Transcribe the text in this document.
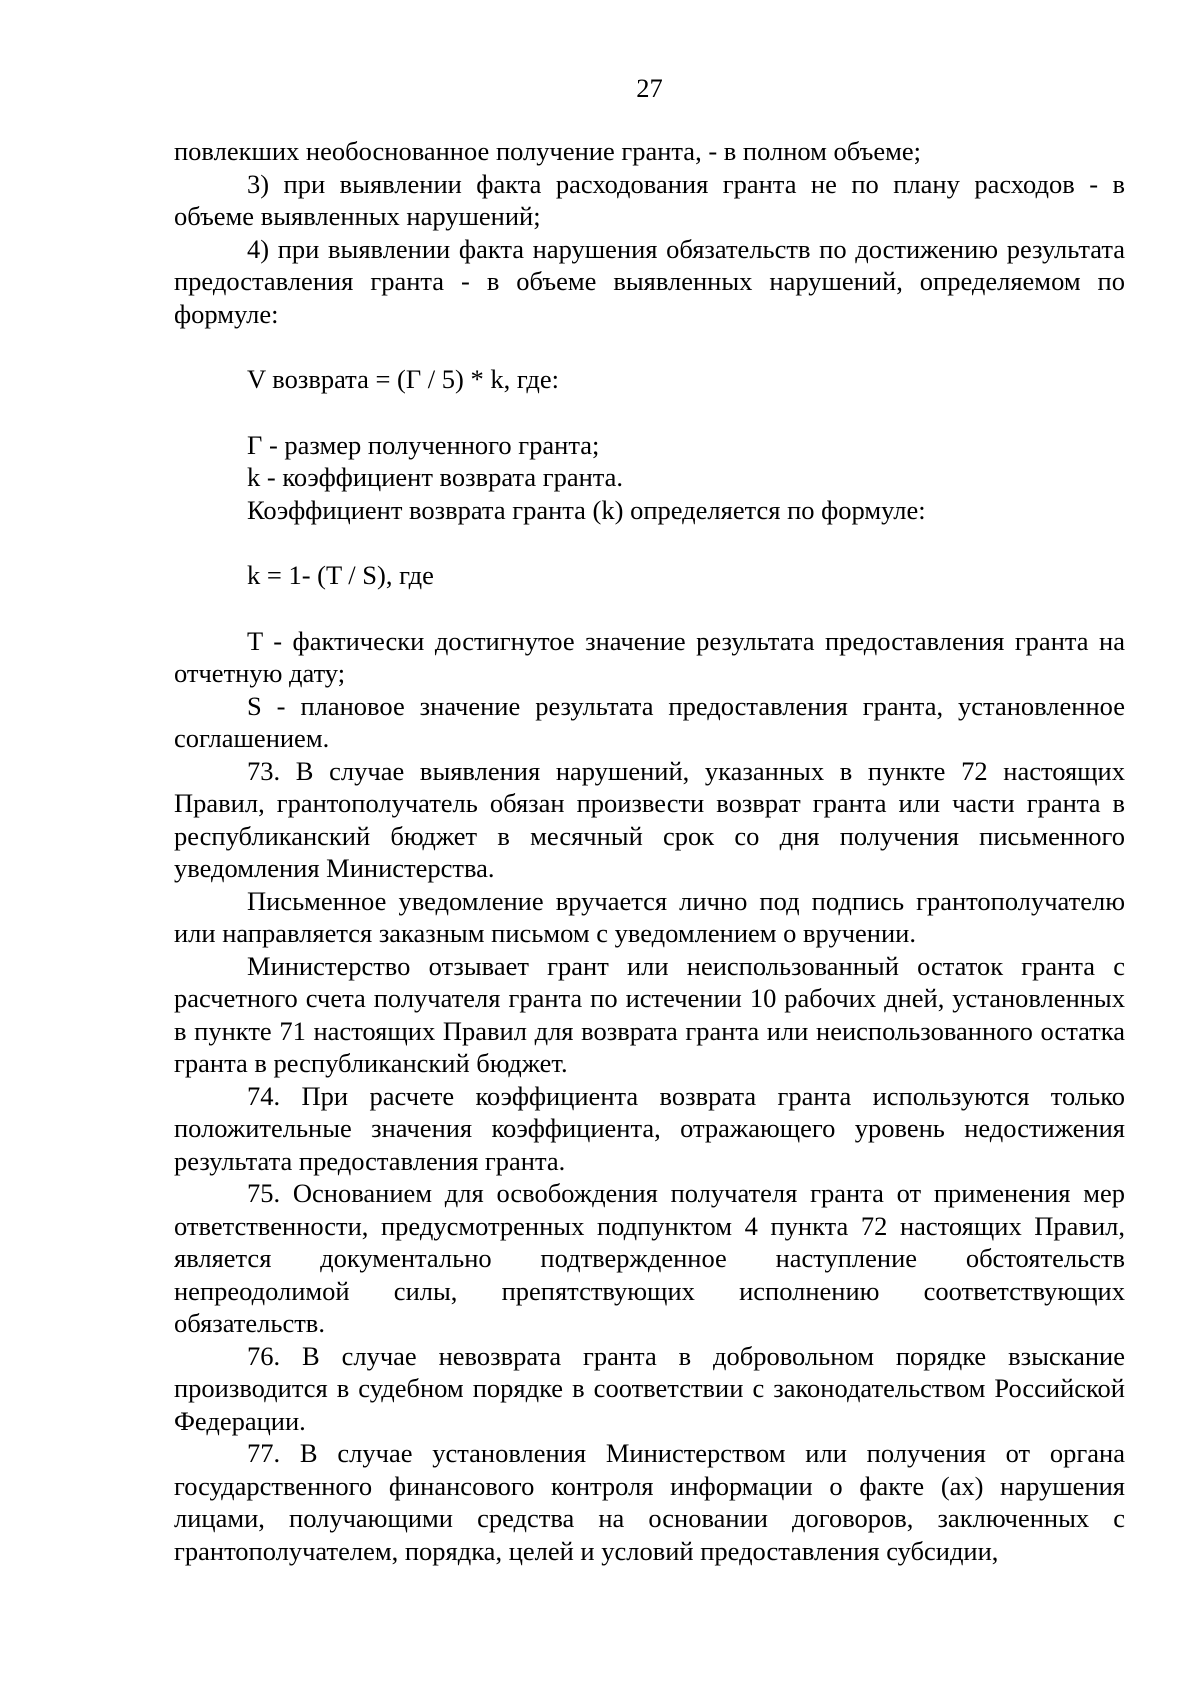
27

повлекших необоснованное получение гранта, - в полном объеме;

3) при выявлении факта расходования гранта не по плану расходов - в объеме выявленных нарушений;

4) при выявлении факта нарушения обязательств по достижению результата предоставления гранта - в объеме выявленных нарушений, определяемом по формуле:

V возврата = (Г / 5) * k, где:

Г - размер полученного гранта;

k - коэффициент возврата гранта.

Коэффициент возврата гранта (k) определяется по формуле:

k = 1- (T / S), где

T - фактически достигнутое значение результата предоставления гранта на отчетную дату;

S - плановое значение результата предоставления гранта, установленное соглашением.

73. В случае выявления нарушений, указанных в пункте 72 настоящих Правил, грантополучатель обязан произвести возврат гранта или части гранта в республиканский бюджет в месячный срок со дня получения письменного уведомления Министерства.

Письменное уведомление вручается лично под подпись грантополучателю или направляется заказным письмом с уведомлением о вручении.

Министерство отзывает грант или неиспользованный остаток гранта с расчетного счета получателя гранта по истечении 10 рабочих дней, установленных в пункте 71 настоящих Правил для возврата гранта или неиспользованного остатка гранта в республиканский бюджет.

74. При расчете коэффициента возврата гранта используются только положительные значения коэффициента, отражающего уровень недостижения результата предоставления гранта.

75. Основанием для освобождения получателя гранта от применения мер ответственности, предусмотренных подпунктом 4 пункта 72 настоящих Правил, является документально подтвержденное наступление обстоятельств непреодолимой силы, препятствующих исполнению соответствующих обязательств.

76. В случае невозврата гранта в добровольном порядке взыскание производится в судебном порядке в соответствии с законодательством Российской Федерации.

77. В случае установления Министерством или получения от органа государственного финансового контроля информации о факте (ах) нарушения лицами, получающими средства на основании договоров, заключенных с грантополучателем, порядка, целей и условий предоставления субсидии,
